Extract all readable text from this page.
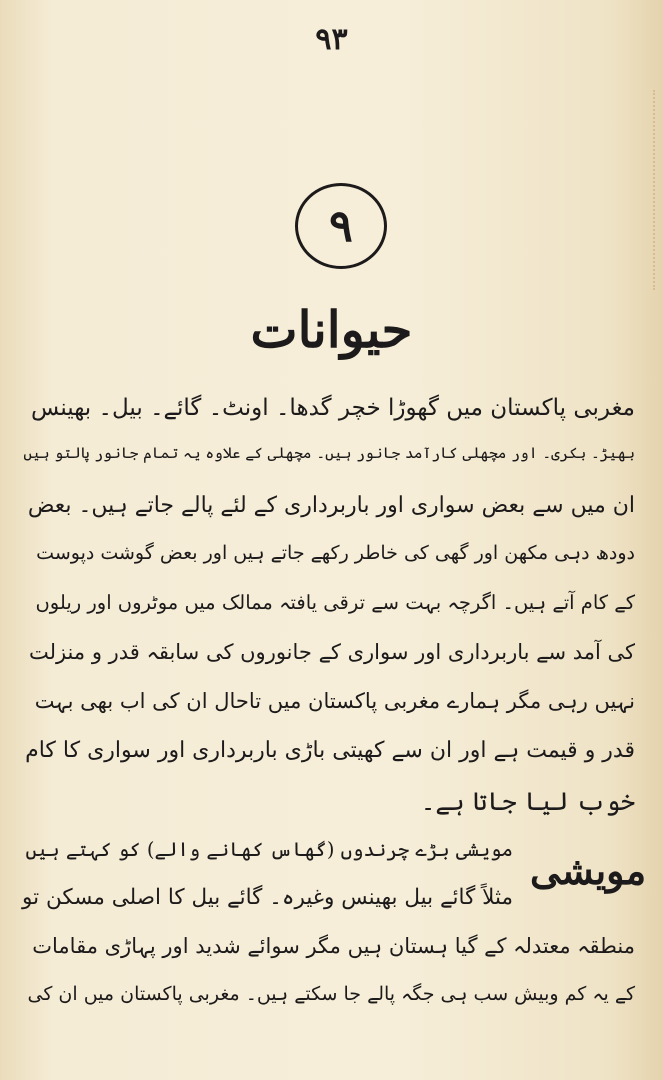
۹۳
۹
حیوانات
مغربی پاکستان میں گھوڑا خچر گدھا۔ اونٹ۔ گائے۔ بیل۔ بھینس
بھیڑ۔ بکری۔ اور مچھلی کارآمد جانور ہیں۔ مچھلی کے علاوہ یہ تمام جانور پالتو ہیں
ان میں سے بعض سواری اور باربرداری کے لئے پالے جاتے ہیں۔ بعض
دودھ دہی مکھن اور گھی کی خاطر رکھے جاتے ہیں اور بعض گوشت دپوست
کے کام آتے ہیں۔ اگرچہ بہت سے ترقی یافتہ ممالک میں موٹروں اور ریلوں
کی آمد سے باربرداری اور سواری کے جانوروں کی سابقہ قدر و منزلت
نہیں رہی مگر ہمارے مغربی پاکستان میں تاحال ان کی اب بھی بہت
قدر و قیمت ہے اور ان سے کھیتی باڑی باربرداری اور سواری کا کام
خوب لیا جاتا ہے۔
مویشی
مویشی بڑے چرندوں (گھاس کھانے والے) کو کہتے ہیں
مثلاً گائے بیل بھینس وغیرہ۔ گائے بیل کا اصلی مسکن تو
منطقہ معتدلہ کے گیا ہستان ہیں مگر سوائے شدید اور پہاڑی مقامات
کے یہ کم وبیش سب ہی جگہ پالے جا سکتے ہیں۔ مغربی پاکستان میں ان کی
